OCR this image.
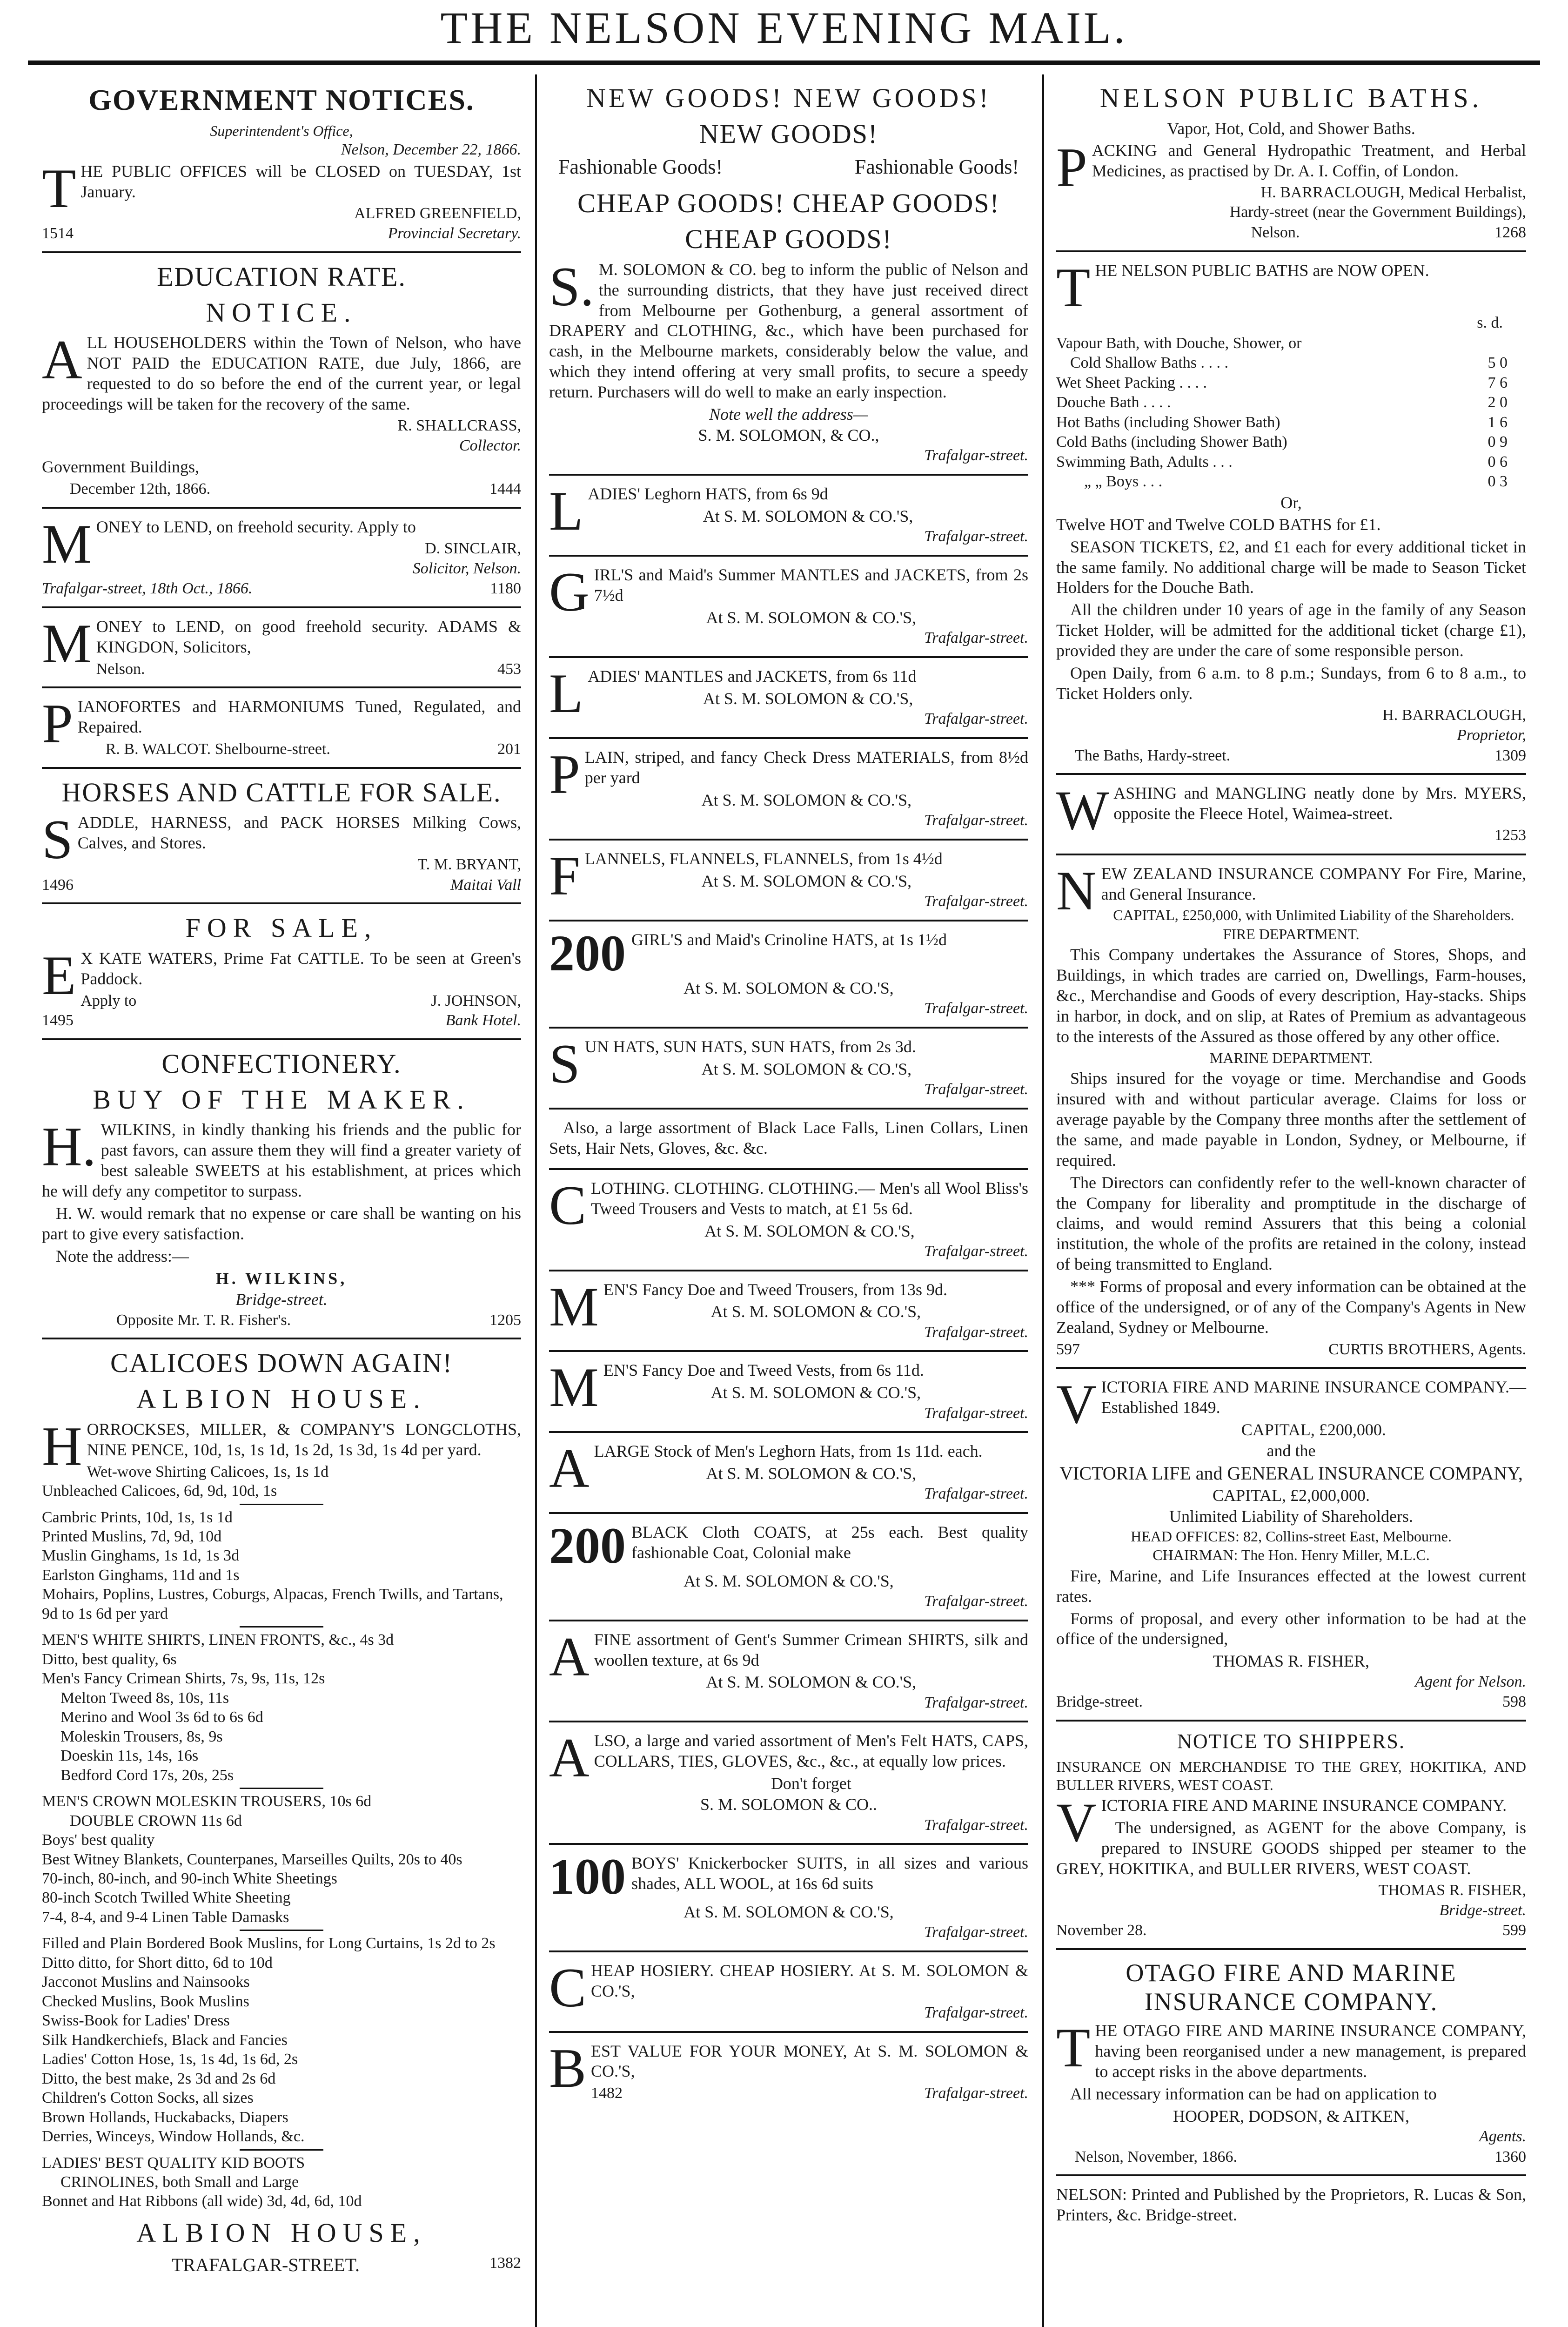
THE NELSON EVENING MAIL.
GOVERNMENT NOTICES.
Superintendent's Office,
Nelson, December 22, 1866.
THE PUBLIC OFFICES will be CLOSED on TUESDAY, 1st January.
ALFRED GREENFIELD,
1514	Provincial Secretary.
EDUCATION RATE.
NOTICE.
ALL HOUSEHOLDERS within the Town of Nelson, who have NOT PAID the EDUCATION RATE, due July, 1866, are requested to do so before the end of the current year, or legal proceedings will be taken for the recovery of the same.
R. SHALLCRASS,
Collector.
Government Buildings,
December 12th, 1866.	1444
MONEY to LEND, on freehold security. Apply to
D. SINCLAIR,
Solicitor, Nelson.
Trafalgar-street, 18th Oct., 1866.	1180
MONEY to LEND, on good freehold security. ADAMS & KINGDON, Solicitors,
Nelson.	453
PIANOFORTES and HARMONIUMS Tuned, Regulated, and Repaired.
R. B. WALCOT. Shelbourne-street.	201
HORSES AND CATTLE FOR SALE.
SADDLE, HARNESS, and PACK HORSES Milking Cows, Calves, and Stores.
T. M. BRYANT,
1496	Maitai Vall
FOR SALE,
EX KATE WATERS, Prime Fat CATTLE. To be seen at Green's Paddock.
Apply to	J. JOHNSON,
1495	Bank Hotel.
CONFECTIONERY.
BUY OF THE MAKER.
H.WILKINS, in kindly thanking his friends and the public for past favors, can assure them they will find a greater variety of best saleable SWEETS at his establishment, at prices which he will defy any competitor to surpass.
H. W. would remark that no expense or care shall be wanting on his part to give every satisfaction.
Note the address:—
H. WILKINS,
Bridge-street.
Opposite Mr. T. R. Fisher's.	1205
CALICOES DOWN AGAIN!
ALBION HOUSE.
HORROCKSES, MILLER, & COMPANY'S LONGCLOTHS, NINE PENCE, 10d, 1s, 1s 1d, 1s 2d, 1s 3d, 1s 4d per yard.
Wet-wove Shirting Calicoes, 1s, 1s 1d
Unbleached Calicoes, 6d, 9d, 10d, 1s
Cambric Prints, 10d, 1s, 1s 1d
Printed Muslins, 7d, 9d, 10d
Muslin Ginghams, 1s 1d, 1s 3d
Earlston Ginghams, 11d and 1s
Mohairs, Poplins, Lustres, Coburgs, Alpacas, French Twills, and Tartans, 9d to 1s 6d per yard
MEN'S WHITE SHIRTS, LINEN FRONTS, &c., 4s 3d
Ditto, best quality, 6s
Men's Fancy Crimean Shirts, 7s, 9s, 11s, 12s
Melton Tweed 8s, 10s, 11s
Merino and Wool 3s 6d to 6s 6d
Moleskin Trousers, 8s, 9s
Doeskin 11s, 14s, 16s
Bedford Cord 17s, 20s, 25s
MEN'S CROWN MOLESKIN TROUSERS, 10s 6d
DOUBLE CROWN 11s 6d
Boys' best quality
Best Witney Blankets, Counterpanes, Marseilles Quilts, 20s to 40s
70-inch, 80-inch, and 90-inch White Sheetings
80-inch Scotch Twilled White Sheeting
7-4, 8-4, and 9-4 Linen Table Damasks
Filled and Plain Bordered Book Muslins, for Long Curtains, 1s 2d to 2s
Ditto ditto, for Short ditto, 6d to 10d
Jacconot Muslins and Nainsooks
Checked Muslins, Book Muslins
Swiss-Book for Ladies' Dress
Silk Handkerchiefs, Black and Fancies
Ladies' Cotton Hose, 1s, 1s 4d, 1s 6d, 2s
Ditto, the best make, 2s 3d and 2s 6d
Children's Cotton Socks, all sizes
Brown Hollands, Huckabacks, Diapers
Derries, Winceys, Window Hollands, &c.
LADIES' BEST QUALITY KID BOOTS
CRINOLINES, both Small and Large
Bonnet and Hat Ribbons (all wide) 3d, 4d, 6d, 10d
ALBION HOUSE,
TRAFALGAR-STREET.	1382
NEW GOODS! NEW GOODS!
NEW GOODS!
Fashionable Goods!	Fashionable Goods!
CHEAP GOODS! CHEAP GOODS!
CHEAP GOODS!
S.M. SOLOMON & CO. beg to inform the public of Nelson and the surrounding districts, that they have just received direct from Melbourne per Gothenburg, a general assortment of DRAPERY and CLOTHING, &c., which have been purchased for cash, in the Melbourne markets, considerably below the value, and which they intend offering at very small profits, to secure a speedy return. Purchasers will do well to make an early inspection.
Note well the address—
S. M. SOLOMON, & CO.,
Trafalgar-street.
LADIES' Leghorn HATS, from 6s 9d
At S. M. SOLOMON & CO.'S,
Trafalgar-street.
GIRL'S and Maid's Summer MANTLES and JACKETS, from 2s 7½d
At S. M. SOLOMON & CO.'S,
Trafalgar-street.
LADIES' MANTLES and JACKETS, from 6s 11d
At S. M. SOLOMON & CO.'S,
Trafalgar-street.
PLAIN, striped, and fancy Check Dress MATERIALS, from 8½d per yard
At S. M. SOLOMON & CO.'S,
Trafalgar-street.
FLANNELS, FLANNELS, FLANNELS, from 1s 4½d
At S. M. SOLOMON & CO.'S,
Trafalgar-street.
200 GIRL'S and Maid's Crinoline HATS, at 1s 1½d
At S. M. SOLOMON & CO.'S,
Trafalgar-street.
SUN HATS, SUN HATS, SUN HATS, from 2s 3d.
At S. M. SOLOMON & CO.'S,
Trafalgar-street.
Also, a large assortment of Black Lace Falls, Linen Collars, Linen Sets, Hair Nets, Gloves, &c. &c.
CLOTHING. CLOTHING. CLOTHING.— Men's all Wool Bliss's Tweed Trousers and Vests to match, at £1 5s 6d.
At S. M. SOLOMON & CO.'S,
Trafalgar-street.
MEN'S Fancy Doe and Tweed Trousers, from 13s 9d.
At S. M. SOLOMON & CO.'S,
Trafalgar-street.
MEN'S Fancy Doe and Tweed Vests, from 6s 11d.
At S. M. SOLOMON & CO.'S,
Trafalgar-street.
ALARGE Stock of Men's Leghorn Hats, from 1s 11d. each.
At S. M. SOLOMON & CO.'S,
Trafalgar-street.
200 BLACK Cloth COATS, at 25s each. Best quality fashionable Coat, Colonial make
At S. M. SOLOMON & CO.'S,
Trafalgar-street.
AFINE assortment of Gent's Summer Crimean SHIRTS, silk and woollen texture, at 6s 9d
At S. M. SOLOMON & CO.'S,
Trafalgar-street.
ALSO, a large and varied assortment of Men's Felt HATS, CAPS, COLLARS, TIES, GLOVES, &c., &c., at equally low prices.
Don't forget
S. M. SOLOMON & CO..
Trafalgar-street.
100 BOYS' Knickerbocker SUITS, in all sizes and various shades, ALL WOOL, at 16s 6d suits
At S. M. SOLOMON & CO.'S,
Trafalgar-street.
CHEAP HOSIERY. CHEAP HOSIERY. At S. M. SOLOMON & CO.'S,
Trafalgar-street.
BEST VALUE FOR YOUR MONEY, At S. M. SOLOMON & CO.'S,
1482	Trafalgar-street.
NELSON PUBLIC BATHS.
Vapor, Hot, Cold, and Shower Baths.
PACKING and General Hydropathic Treatment, and Herbal Medicines, as practised by Dr. A. I. Coffin, of London.
H. BARRACLOUGH, Medical Herbalist,
Hardy-street (near the Government Buildings),
Nelson.	1268
THE NELSON PUBLIC BATHS are NOW OPEN.
s. d.
Vapour Bath, with Douche, Shower, or
Cold Shallow Baths . . . .	5 0
Wet Sheet Packing . . . .	7 6
Douche Bath . . . .	2 0
Hot Baths (including Shower Bath)	1 6
Cold Baths (including Shower Bath)	0 9
Swimming Bath, Adults . . .	0 6
„ „ Boys . . .	0 3
Or,
Twelve HOT and Twelve COLD BATHS for £1.
SEASON TICKETS, £2, and £1 each for every additional ticket in the same family. No additional charge will be made to Season Ticket Holders for the Douche Bath.
All the children under 10 years of age in the family of any Season Ticket Holder, will be admitted for the additional ticket (charge £1), provided they are under the care of some responsible person.
Open Daily, from 6 a.m. to 8 p.m.; Sundays, from 6 to 8 a.m., to Ticket Holders only.
H. BARRACLOUGH,
Proprietor,
The Baths, Hardy-street.	1309
WASHING and MANGLING neatly done by Mrs. MYERS, opposite the Fleece Hotel, Waimea-street.
1253
NEW ZEALAND INSURANCE COMPANY For Fire, Marine, and General Insurance.
CAPITAL, £250,000, with Unlimited Liability of the Shareholders.
FIRE DEPARTMENT.
This Company undertakes the Assurance of Stores, Shops, and Buildings, in which trades are carried on, Dwellings, Farm-houses, &c., Merchandise and Goods of every description, Hay-stacks. Ships in harbor, in dock, and on slip, at Rates of Premium as advantageous to the interests of the Assured as those offered by any other office.
MARINE DEPARTMENT.
Ships insured for the voyage or time. Merchandise and Goods insured with and without particular average. Claims for loss or average payable by the Company three months after the settlement of the same, and made payable in London, Sydney, or Melbourne, if required.
The Directors can confidently refer to the well-known character of the Company for liberality and promptitude in the discharge of claims, and would remind Assurers that this being a colonial institution, the whole of the profits are retained in the colony, instead of being transmitted to England.
*** Forms of proposal and every information can be obtained at the office of the undersigned, or of any of the Company's Agents in New Zealand, Sydney or Melbourne.
597	CURTIS BROTHERS, Agents.
VICTORIA FIRE AND MARINE INSURANCE COMPANY.—Established 1849.
CAPITAL, £200,000.
and the
VICTORIA LIFE and GENERAL INSURANCE COMPANY,
CAPITAL, £2,000,000.
Unlimited Liability of Shareholders.
HEAD OFFICES: 82, Collins-street East, Melbourne.
CHAIRMAN: The Hon. Henry Miller, M.L.C.
Fire, Marine, and Life Insurances effected at the lowest current rates.
Forms of proposal, and every other information to be had at the office of the undersigned,
THOMAS R. FISHER,
Agent for Nelson.
Bridge-street.	598
NOTICE TO SHIPPERS.
INSURANCE ON MERCHANDISE TO THE GREY, HOKITIKA, AND BULLER RIVERS, WEST COAST.
VICTORIA FIRE AND MARINE INSURANCE COMPANY.
The undersigned, as AGENT for the above Company, is prepared to INSURE GOODS shipped per steamer to the GREY, HOKITIKA, and BULLER RIVERS, WEST COAST.
THOMAS R. FISHER,
Bridge-street.
November 28.	599
OTAGO FIRE AND MARINE INSURANCE COMPANY.
THE OTAGO FIRE AND MARINE INSURANCE COMPANY, having been reorganised under a new management, is prepared to accept risks in the above departments.
All necessary information can be had on application to
HOOPER, DODSON, & AITKEN,
Agents.
Nelson, November, 1866.	1360
NELSON: Printed and Published by the Proprietors, R. Lucas & Son, Printers, &c. Bridge-street.
